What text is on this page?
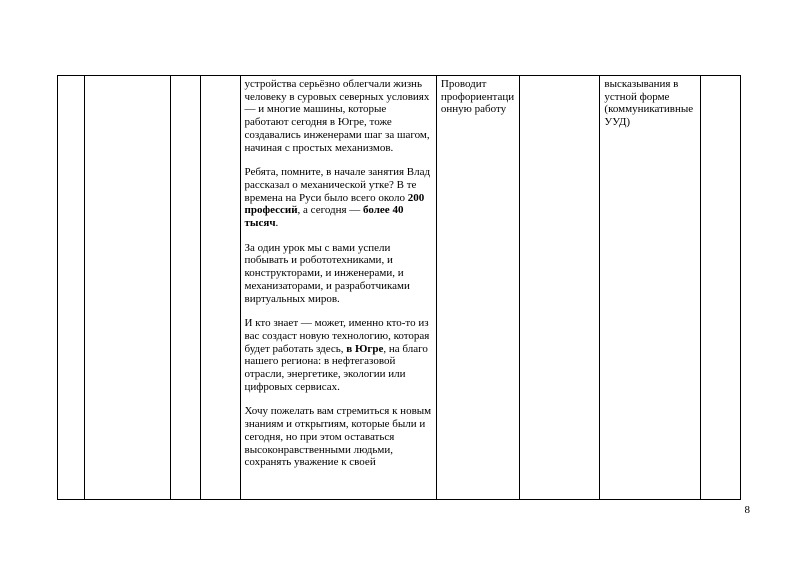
устройства серьёзно облегчали жизнь человеку в суровых северных условиях — и многие машины, которые работают сегодня в Югре, тоже создавались инженерами шаг за шагом, начиная с простых механизмов.

Ребята, помните, в начале занятия Влад рассказал о механической утке? В те времена на Руси было всего около 200 профессий, а сегодня — более 40 тысяч.

За один урок мы с вами успели побывать и робототехниками, и конструкторами, и инженерами, и механизаторами, и разработчиками виртуальных миров.

И кто знает — может, именно кто-то из вас создаст новую технологию, которая будет работать здесь, в Югре, на благо нашего региона: в нефтегазовой отрасли, энергетике, экологии или цифровых сервисах.

Хочу пожелать вам стремиться к новым знаниям и открытиям, которые были и сегодня, но при этом оставаться высоконравственными людьми, сохранять уважение к своей

Проводит профориентационную работу

высказывания в устной форме (коммуникативные УУД)

8
